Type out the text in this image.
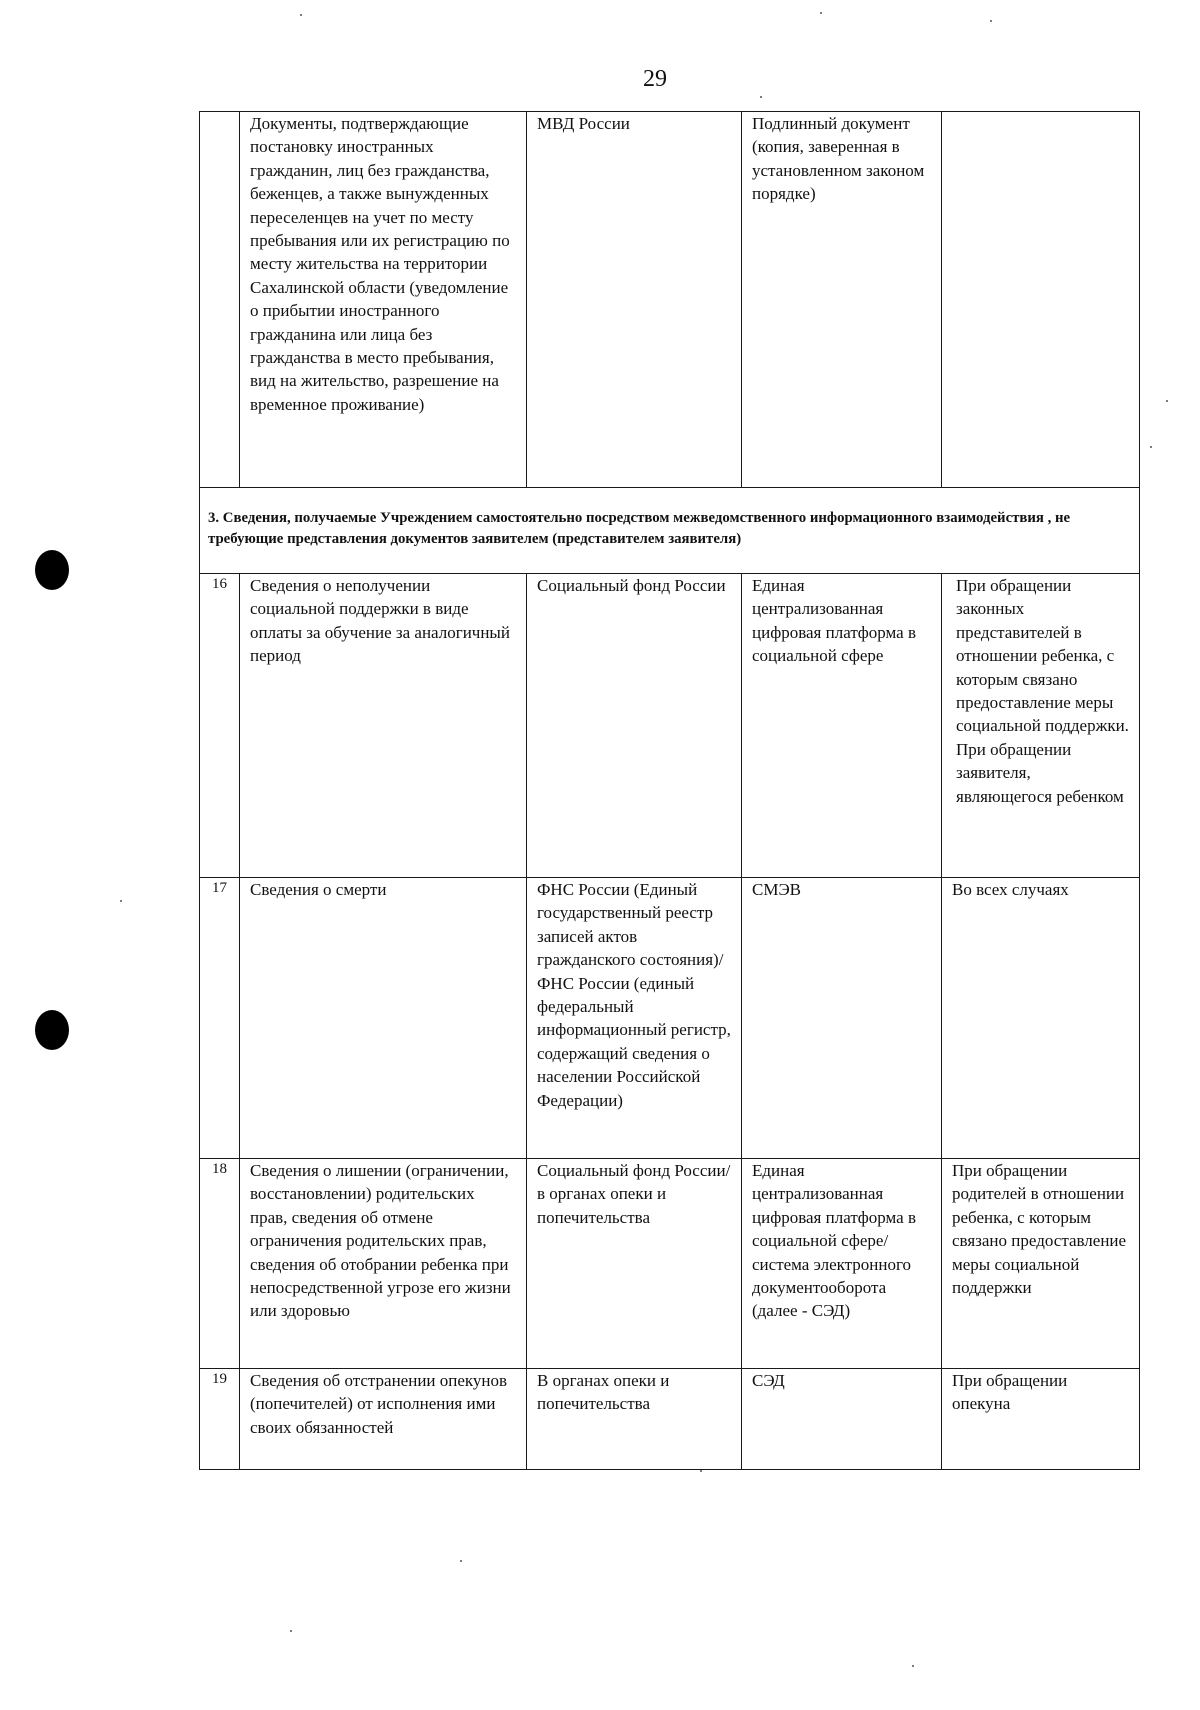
29
	Документы, подтверждающие постановку иностранных гражданин, лиц без гражданства, беженцев, а также вынужденных переселенцев на учет по месту пребывания или их регистрацию по месту жительства на территории Сахалинской области (уведомление о прибытии иностранного гражданина или лица без гражданства в место пребывания, вид на жительство, разрешение на временное проживание)	МВД России	Подлинный документ (копия, заверенная в установленном законом порядке)	
3. Сведения, получаемые Учреждением самостоятельно посредством межведомственного информационного взаимодействия , не требующие представления документов заявителем (представителем заявителя)				
16	Сведения о неполучении социальной поддержки в виде оплаты за обучение за аналогичный период	Социальный фонд России	Единая централизованная цифровая платформа в социальной сфере	При обращении законных представителей в отношении ребенка, с которым связано предоставление меры социальной поддержки. При обращении заявителя, являющегося ребенком
17	Сведения о смерти	ФНС России (Единый государственный реестр записей актов гражданского состояния)/ФНС России (единый федеральный информационный регистр, содержащий сведения о населении Российской Федерации)	СМЭВ	Во всех случаях
18	Сведения о лишении (ограничении, восстановлении) родительских прав, сведения об отмене ограничения родительских прав, сведения об отобрании ребенка при непосредственной угрозе его жизни или здоровью	Социальный фонд России/ в органах опеки и попечительства	Единая централизованная цифровая платформа в социальной сфере/ система электронного документооборота (далее - СЭД)	При обращении родителей в отношении ребенка, с которым связано предоставление меры социальной поддержки
19	Сведения об отстранении опекунов (попечителей) от исполнения ими своих обязанностей	В органах опеки и попечительства	СЭД	При обращении опекуна
